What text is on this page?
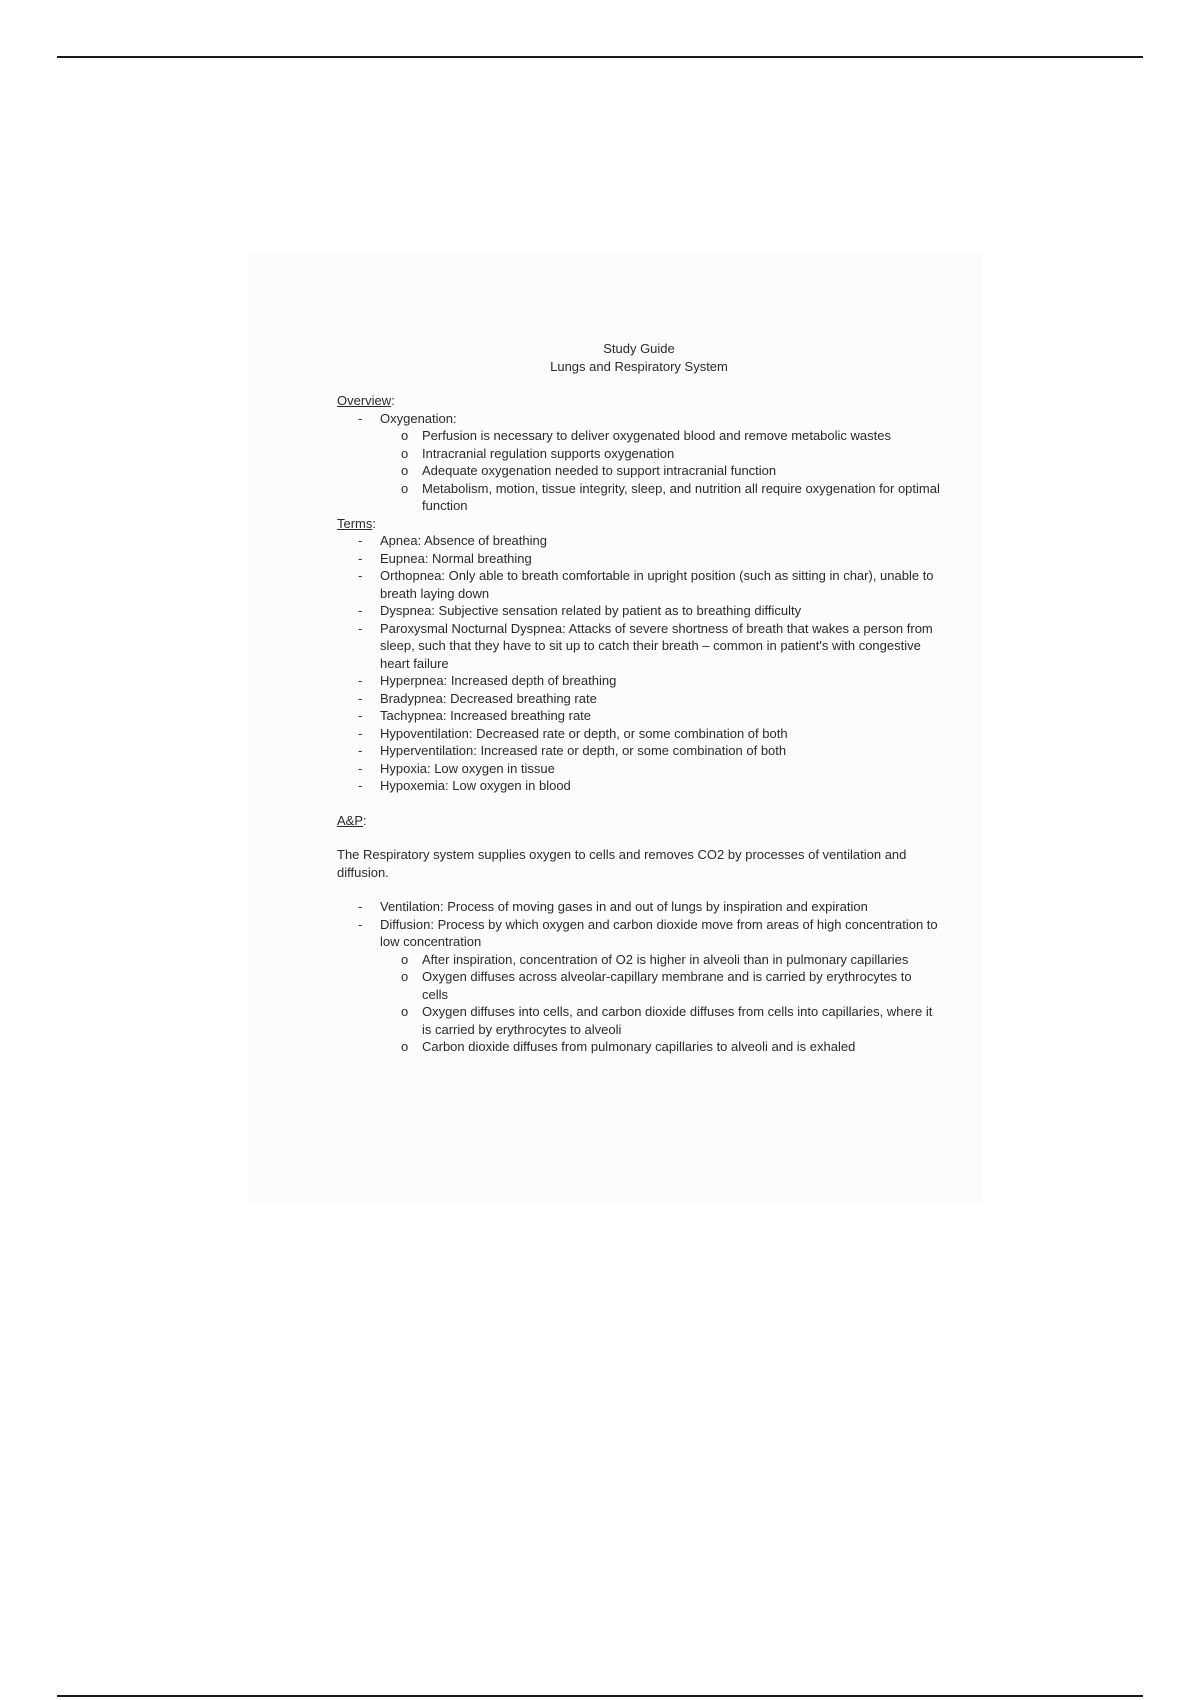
Study Guide
Lungs and Respiratory System
Overview:
- Oxygenation:
o Perfusion is necessary to deliver oxygenated blood and remove metabolic wastes
o Intracranial regulation supports oxygenation
o Adequate oxygenation needed to support intracranial function
o Metabolism, motion, tissue integrity, sleep, and nutrition all require oxygenation for optimal function
Terms:
- Apnea: Absence of breathing
- Eupnea: Normal breathing
- Orthopnea: Only able to breath comfortable in upright position (such as sitting in char), unable to breath laying down
- Dyspnea: Subjective sensation related by patient as to breathing difficulty
- Paroxysmal Nocturnal Dyspnea: Attacks of severe shortness of breath that wakes a person from sleep, such that they have to sit up to catch their breath – common in patient's with congestive heart failure
- Hyperpnea: Increased depth of breathing
- Bradypnea: Decreased breathing rate
- Tachypnea: Increased breathing rate
- Hypoventilation: Decreased rate or depth, or some combination of both
- Hyperventilation: Increased rate or depth, or some combination of both
- Hypoxia: Low oxygen in tissue
- Hypoxemia: Low oxygen in blood
A&P:

The Respiratory system supplies oxygen to cells and removes CO2 by processes of ventilation and diffusion.

- Ventilation: Process of moving gases in and out of lungs by inspiration and expiration
- Diffusion: Process by which oxygen and carbon dioxide move from areas of high concentration to low concentration
o After inspiration, concentration of O2 is higher in alveoli than in pulmonary capillaries
o Oxygen diffuses across alveolar-capillary membrane and is carried by erythrocytes to cells
o Oxygen diffuses into cells, and carbon dioxide diffuses from cells into capillaries, where it is carried by erythrocytes to alveoli
o Carbon dioxide diffuses from pulmonary capillaries to alveoli and is exhaled
